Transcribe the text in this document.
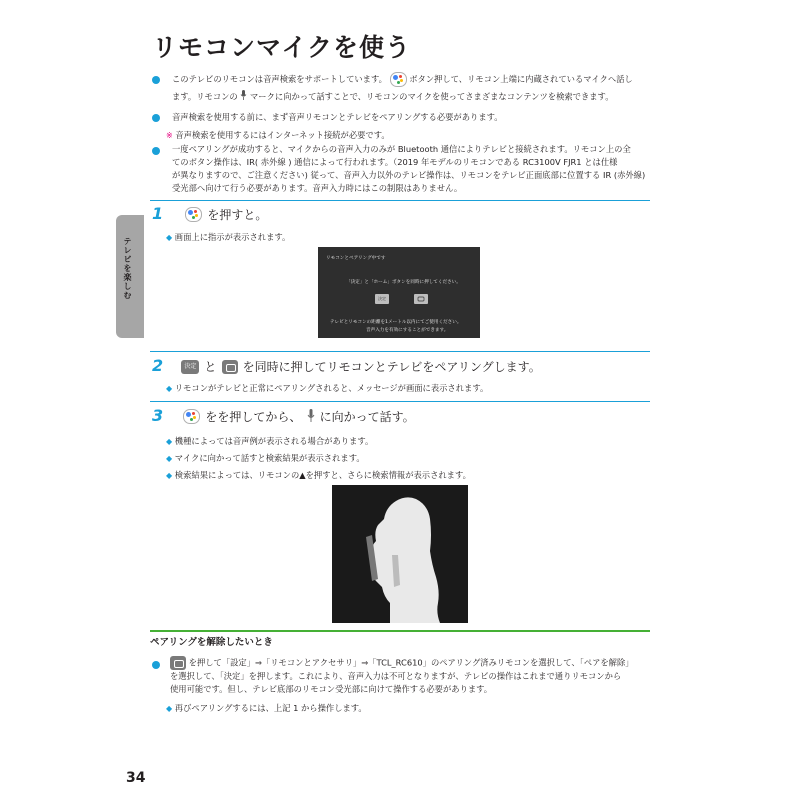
リモコンマイクを使う
テレビを楽しむ
このテレビのリモコンは音声検索をサポートしています。	ボタン押して、リモコン上端に内蔵されているマイクへ話し
ます。リモコンの マークに向かって話すことで、リモコンのマイクを使ってさまざまなコンテンツを検索できます。
音声検索を使用する前に、まず音声リモコンとテレビをペアリングする必要があります。
※ 音声検索を使用するにはインターネット接続が必要です。
一度ペアリングが成功すると、マイクからの音声入力のみが Bluetooth 通信によりテレビと接続されます。リモコン上の全
てのボタン操作は、IR( 赤外線 ) 通信によって行われます。（2019 年モデルのリモコンである RC3100V FJR1 とは仕様
が異なりますので、ご注意ください) 従って、音声入力以外のテレビ操作は、リモコンをテレビ正面底部に位置する IR (赤外線)
受光部へ向けて行う必要があります。音声入力時にはこの制限はありません。
1	を押すと。
◆ 画面上に指示が表示されます。
リモコンとペアリング中です
「決定」と「ホーム」ボタンを同時に押してください。
決定
テレビとリモコンの距離を1メートル以内にてご使用ください。
音声入力を有効にすることができます。
2	決定 と を同時に押してリモコンとテレビをペアリングします。
◆ リモコンがテレビと正常にペアリングされると、メッセージが画面に表示されます。
3	をを押してから、 に向かって話す。
◆ 機種によっては音声例が表示される場合があります。
◆ マイクに向かって話すと検索結果が表示されます。
◆ 検索結果によっては、リモコンの▲を押すと、さらに検索情報が表示されます。
ペアリングを解除したいとき
を押して「設定」⇒「リモコンとアクセサリ」⇒「TCL_RC610」のペアリング済みリモコンを選択して、「ペアを解除」
を選択して、「決定」を押します。これにより、音声入力は不可となりますが、テレビの操作はこれまで通りリモコンから
使用可能です。但し、テレビ底部のリモコン受光部に向けて操作する必要があります。
◆ 再びペアリングするには、上記 1 から操作します。
34
